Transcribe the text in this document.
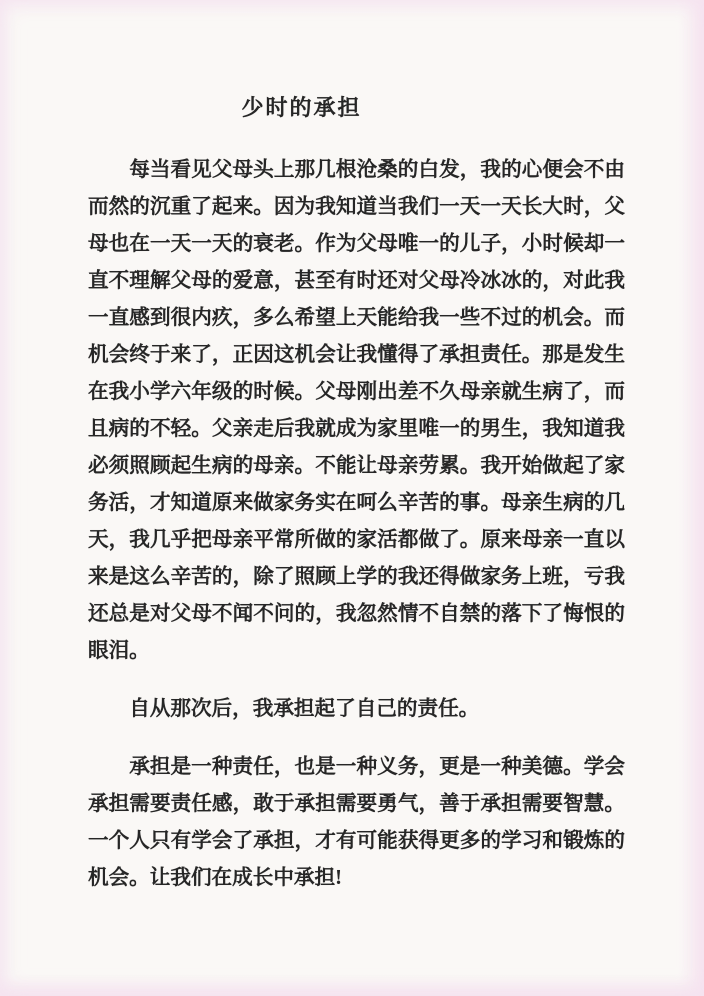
少时的承担

每当看见父母头上那几根沧桑的白发，我的心便会不由而然的沉重了起来。因为我知道当我们一天一天长大时，父母也在一天一天的衰老。作为父母唯一的儿子，小时候却一直不理解父母的爱意，甚至有时还对父母冷冰冰的，对此我一直感到很内疚，多么希望上天能给我一些不过的机会。而机会终于来了，正因这机会让我懂得了承担责任。那是发生在我小学六年级的时候。父母刚出差不久母亲就生病了，而且病的不轻。父亲走后我就成为家里唯一的男生，我知道我必须照顾起生病的母亲。不能让母亲劳累。我开始做起了家务活，才知道原来做家务实在呵么辛苦的事。母亲生病的几天，我几乎把母亲平常所做的家活都做了。原来母亲一直以来是这么辛苦的，除了照顾上学的我还得做家务上班，亏我还总是对父母不闻不问的，我忽然情不自禁的落下了悔恨的眼泪。

自从那次后，我承担起了自己的责任。

承担是一种责任，也是一种义务，更是一种美德。学会承担需要责任感，敢于承担需要勇气，善于承担需要智慧。一个人只有学会了承担，才有可能获得更多的学习和锻炼的机会。让我们在成长中承担!
